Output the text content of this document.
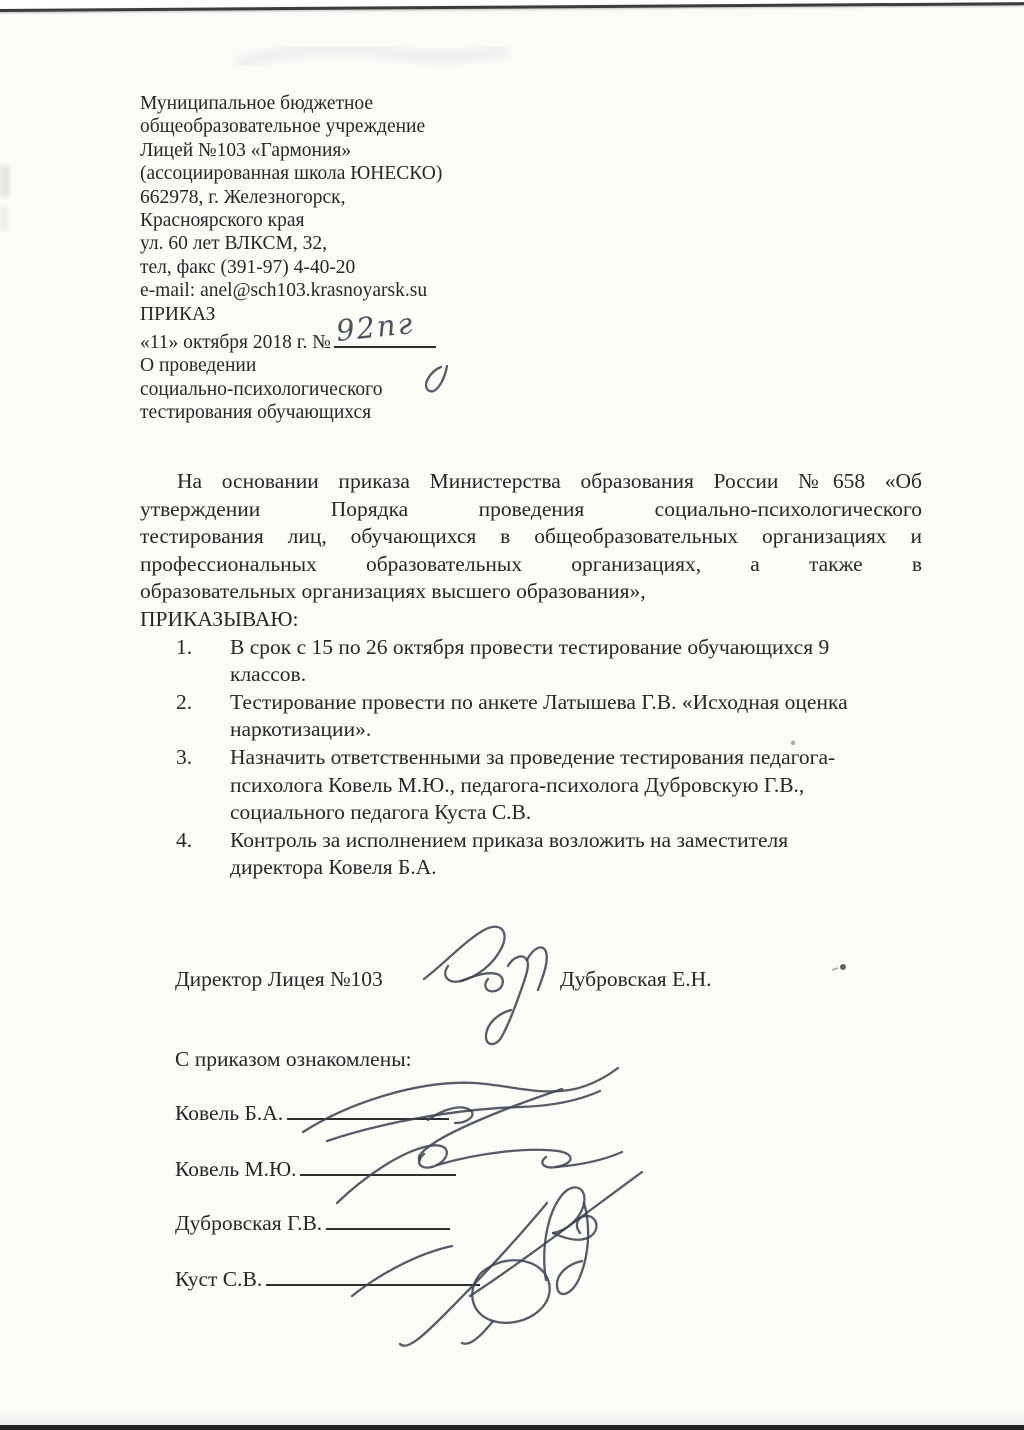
Муниципальное бюджетное
общеобразовательное учреждение
Лицей №103 «Гармония»
(ассоциированная школа ЮНЕСКО)
662978, г. Железногорск,
Красноярского края
ул. 60 лет ВЛКСМ, 32,
тел, факс (391-97) 4-40-20
e-mail: anel@sch103.krasnoyarsk.su
ПРИКАЗ
«11» октября 2018 г. № 92пг
О проведении
социально-психологического
тестирования обучающихся
На основании приказа Министерства образования России №658 «Об
утверждении Порядка проведения социально-психологического
тестирования лиц, обучающихся в общеобразовательных организациях и
профессиональных образовательных организациях, а также в
образовательных организациях высшего образования»,
ПРИКАЗЫВАЮ:
1.	В срок с 15 по 26 октября провести тестирование обучающихся 9
классов.
2.	Тестирование провести по анкете Латышева Г.В. «Исходная оценка
наркотизации».
3.	Назначить ответственными за проведение тестирования педагога-
психолога Ковель М.Ю., педагога-психолога Дубровскую Г.В.,
социального педагога Куста С.В.
4.	Контроль за исполнением приказа возложить на заместителя
директора Ковеля Б.А.
Директор Лицея №103	Дубровская Е.Н.
С приказом ознакомлены:
Ковель Б.А.
Ковель М.Ю.
Дубровская Г.В.
Куст С.В.
